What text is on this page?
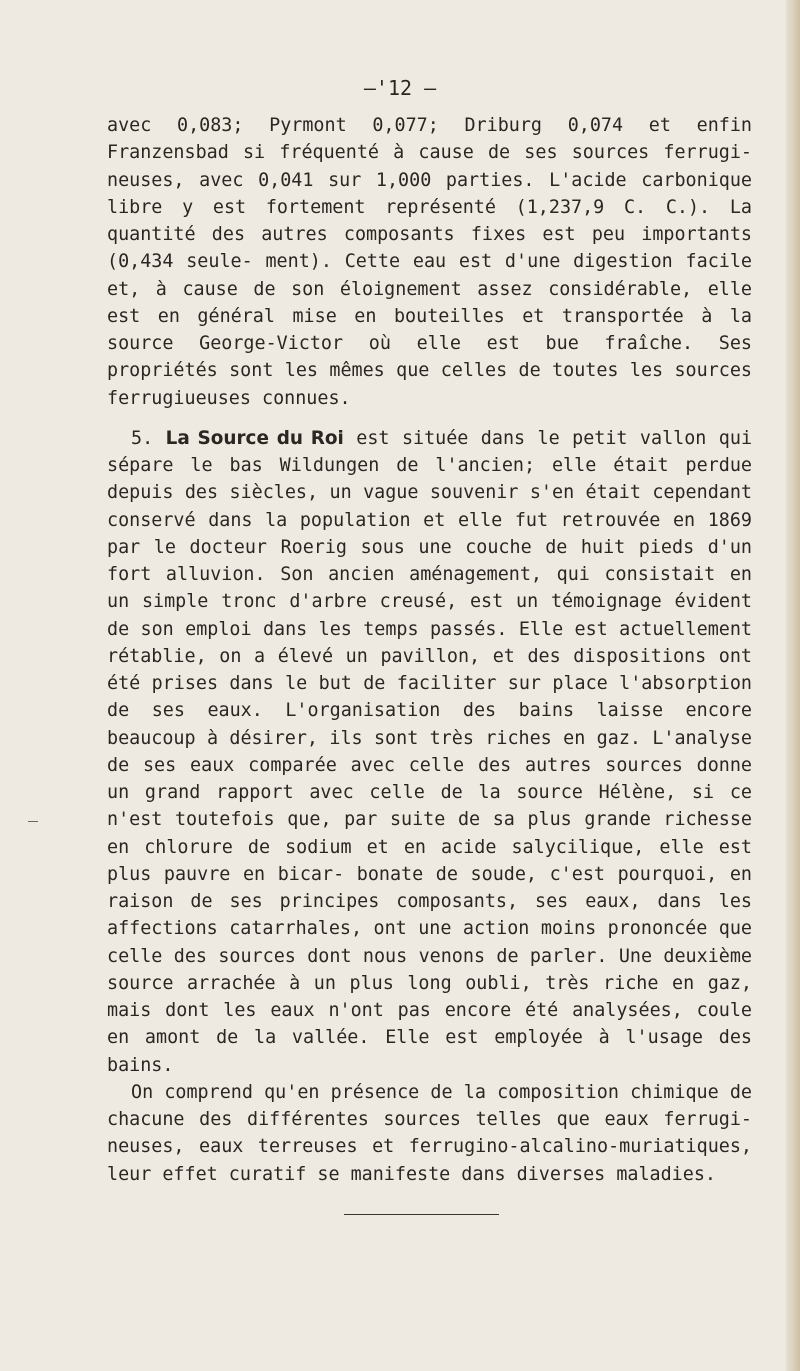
—'12 —

avec 0,083; Pyrmont 0,077; Driburg 0,074 et enfin Franzensbad si fréquenté à cause de ses sources ferrugi- neuses, avec 0,041 sur 1,000 parties. L'acide carbonique libre y est fortement représenté (1,237,9 C. C.). La quantité des autres composants fixes est peu importants (0,434 seule- ment). Cette eau est d'une digestion facile et, à cause de son éloignement assez considérable, elle est en général mise en bouteilles et transportée à la source George-Victor où elle est bue fraîche. Ses propriétés sont les mêmes que celles de toutes les sources ferrugiueuses connues.

5. La Source du Roi est située dans le petit vallon qui sépare le bas Wildungen de l'ancien; elle était perdue depuis des siècles, un vague souvenir s'en était cependant conservé dans la population et elle fut retrouvée en 1869 par le docteur Roerig sous une couche de huit pieds d'un fort alluvion. Son ancien aménagement, qui consistait en un simple tronc d'arbre creusé, est un témoignage évident de son emploi dans les temps passés. Elle est actuellement rétablie, on a élevé un pavillon, et des dispositions ont été prises dans le but de faciliter sur place l'absorption de ses eaux. L'organisation des bains laisse encore beaucoup à désirer, ils sont très riches en gaz. L'analyse de ses eaux comparée avec celle des autres sources donne un grand rapport avec celle de la source Hélène, si ce n'est toutefois que, par suite de sa plus grande richesse en chlorure de sodium et en acide salycilique, elle est plus pauvre en bicar- bonate de soude, c'est pourquoi, en raison de ses principes composants, ses eaux, dans les affections catarrhales, ont une action moins prononcée que celle des sources dont nous venons de parler. Une deuxième source arrachée à un plus long oubli, très riche en gaz, mais dont les eaux n'ont pas encore été analysées, coule en amont de la vallée. Elle est employée à l'usage des bains.

On comprend qu'en présence de la composition chimique de chacune des différentes sources telles que eaux ferrugi- neuses, eaux terreuses et ferrugino-alcalino-muriatiques, leur effet curatif se manifeste dans diverses maladies.
